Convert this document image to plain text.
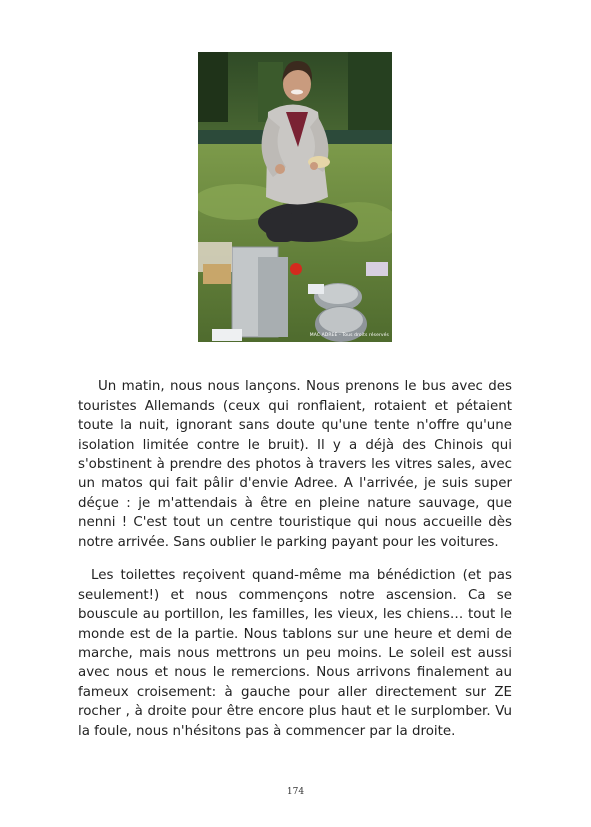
MAC ADREE - Tous droits réservés

Un matin, nous nous lançons. Nous prenons le bus avec des touristes Allemands (ceux qui ronflaient, rotaient et pétaient toute la nuit, ignorant sans doute qu'une tente n'offre qu'une isolation limitée contre le bruit). Il y a déjà des Chinois qui s'obstinent à prendre des photos à travers les vitres sales, avec un matos qui fait pâlir d'envie Adree. A l'arrivée, je suis super déçue : je m'attendais à être en pleine nature sauvage, que nenni ! C'est tout un centre touristique qui nous accueille dès notre arrivée. Sans oublier le parking payant pour les voitures.

Les toilettes reçoivent quand-même ma bénédiction (et pas seulement!) et nous commençons notre ascension. Ca se bouscule au portillon, les familles, les vieux, les chiens… tout le monde est de la partie. Nous tablons sur une heure et demi de marche, mais nous mettrons un peu moins. Le soleil est aussi avec nous et nous le remercions. Nous arrivons finalement au fameux croisement: à gauche pour aller directement sur ZE rocher , à droite pour être encore plus haut et le surplomber. Vu la foule, nous n'hésitons pas à commencer par la droite.

174
